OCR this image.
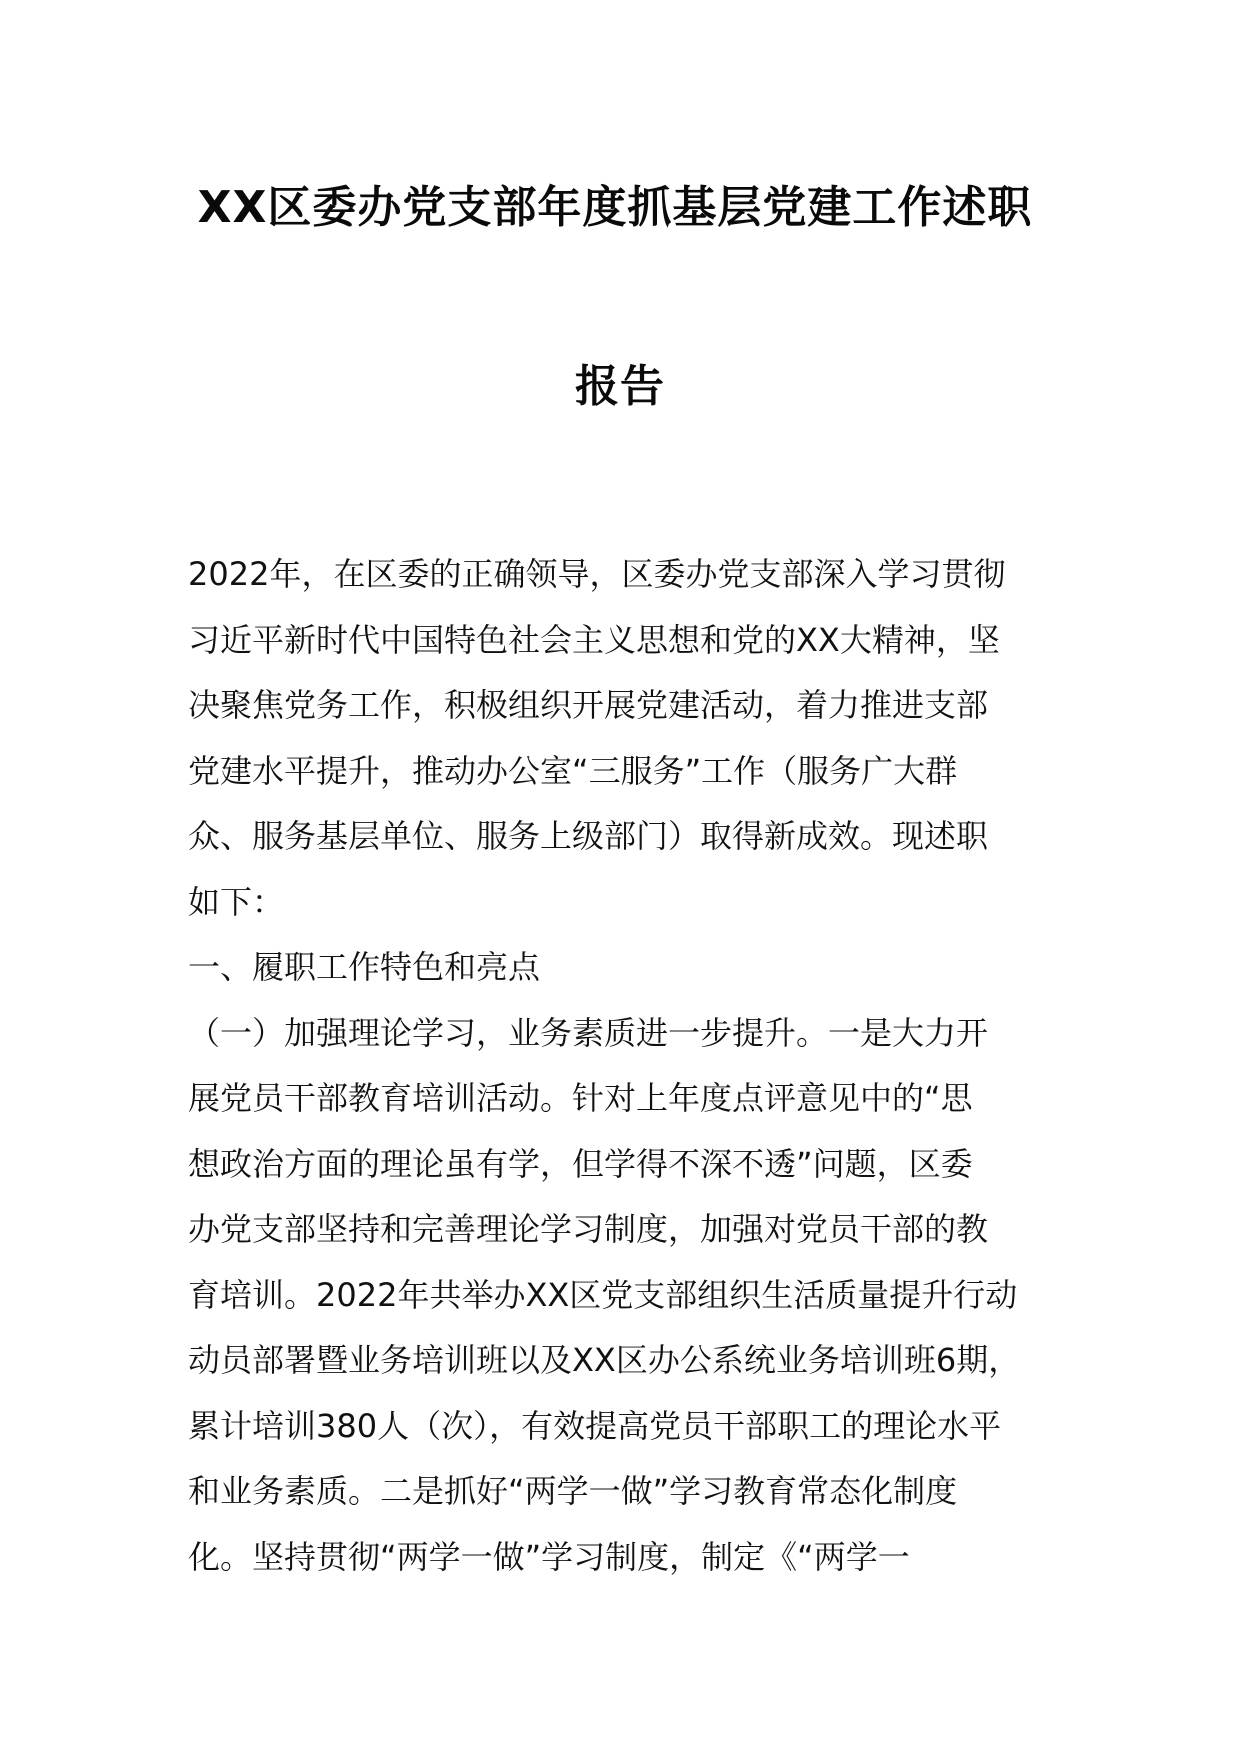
XX区委办党支部年度抓基层党建工作述职
报告
2022年，在区委的正确领导，区委办党支部深入学习贯彻
习近平新时代中国特色社会主义思想和党的XX大精神，坚
决聚焦党务工作，积极组织开展党建活动，着力推进支部
党建水平提升，推动办公室“三服务”工作（服务广大群
众、服务基层单位、服务上级部门）取得新成效。现述职
如下：
一、履职工作特色和亮点
（一）加强理论学习，业务素质进一步提升。一是大力开
展党员干部教育培训活动。针对上年度点评意见中的“思
想政治方面的理论虽有学，但学得不深不透”问题，区委
办党支部坚持和完善理论学习制度，加强对党员干部的教
育培训。2022年共举办XX区党支部组织生活质量提升行动
动员部署暨业务培训班以及XX区办公系统业务培训班6期，
累计培训380人（次），有效提高党员干部职工的理论水平
和业务素质。二是抓好“两学一做”学习教育常态化制度
化。坚持贯彻“两学一做”学习制度，制定《“两学一
